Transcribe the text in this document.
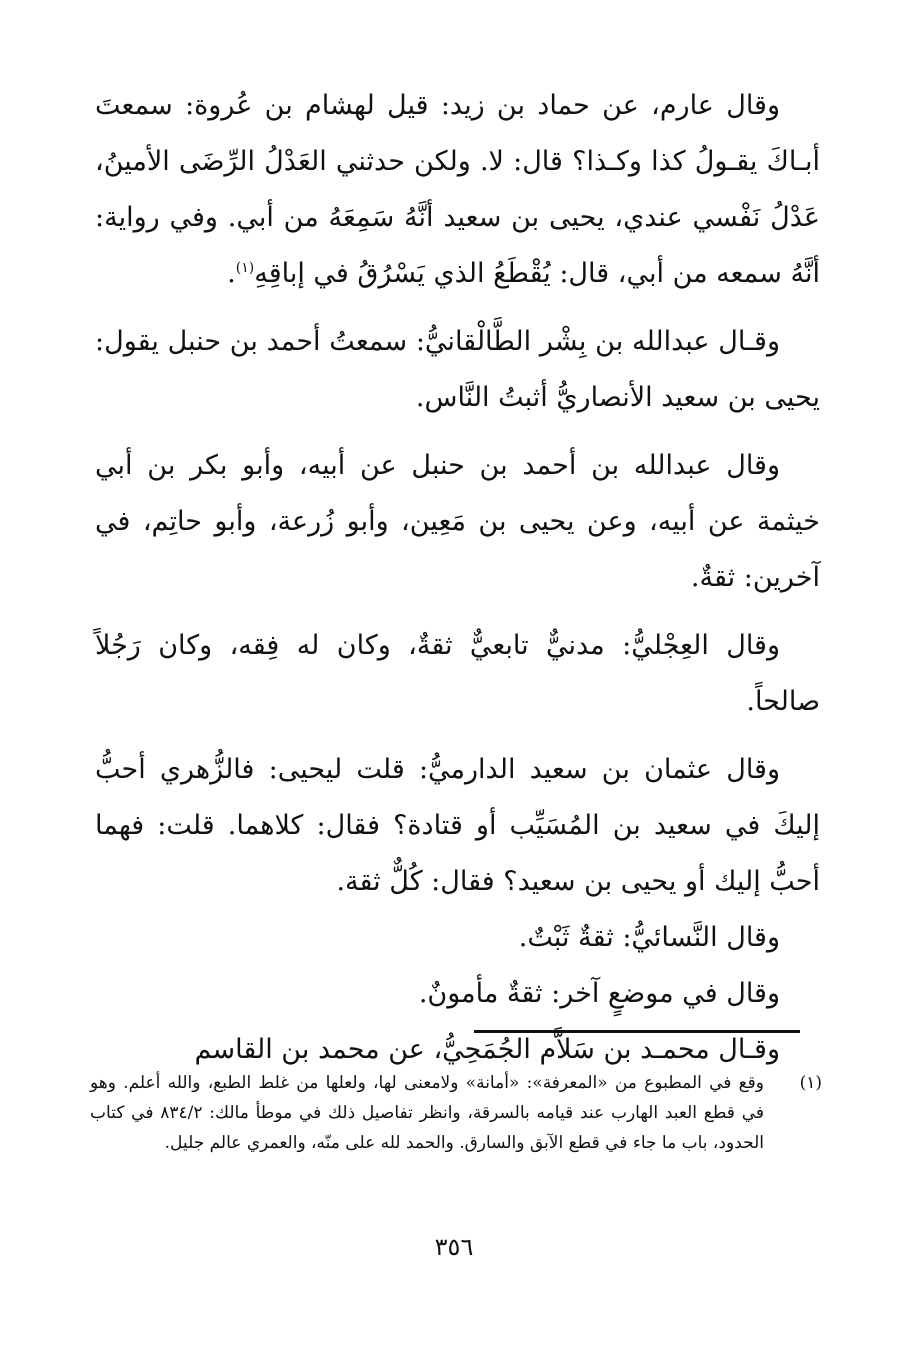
وقال عارم، عن حماد بن زيد: قيل لهشام بن عُروة: سمعتَ أبـاكَ يقـولُ كذا وكـذا؟ قال: لا. ولكن حدثني العَدْلُ الرِّضَى الأمينُ، عَدْلُ نَفْسي عندي، يحيى بن سعيد أنَّهُ سَمِعَهُ من أبي. وفي رواية: أنَّهُ سمعه من أبي، قال: يُقْطَعُ الذي يَسْرُقُ في إباقِهِ$^{(١)}$.

وقـال عبدالله بن بِشْر الطَّالْقانيُّ: سمعتُ أحمد بن حنبل يقول: يحيى بن سعيد الأنصاريُّ أثبتُ النَّاس.

وقال عبدالله بن أحمد بن حنبل عن أبيه، وأبو بكر بن أبي خيثمة عن أبيه، وعن يحيى بن مَعِين، وأبو زُرعة، وأبو حاتِم، في آخرين: ثقةٌ.

وقال العِجْليُّ: مدنيٌّ تابعيٌّ ثقةٌ، وكان له فِقه، وكان رَجُلاً صالحاً.

وقال عثمان بن سعيد الدارميُّ: قلت ليحيى: فالزُّهري أحبُّ إليكَ في سعيد بن المُسَيِّب أو قتادة؟ فقال: كلاهما. قلت: فهما أحبُّ إليك أو يحيى بن سعيد؟ فقال: كُلٌّ ثقة.

وقال النَّسائيُّ: ثقةٌ ثَبْتٌ.

وقال في موضعٍ آخر: ثقةٌ مأمونٌ.

وقـال محمـد بن سَلاَّم الجُمَحِيُّ، عن محمد بن القاسم

(١)
وقع في المطبوع من «المعرفة»: «أمانة» ولامعنى لها، ولعلها من غلط الطبع، والله أعلم. وهو في قطع العبد الهارب عند قيامه بالسرقة، وانظر تفاصيل ذلك في موطأ مالك: ٨٣٤/٢ في كتاب الحدود، باب ما جاء في قطع الآبق والسارق. والحمد لله على منّه، والعمري عالم جليل.
٣٥٦
